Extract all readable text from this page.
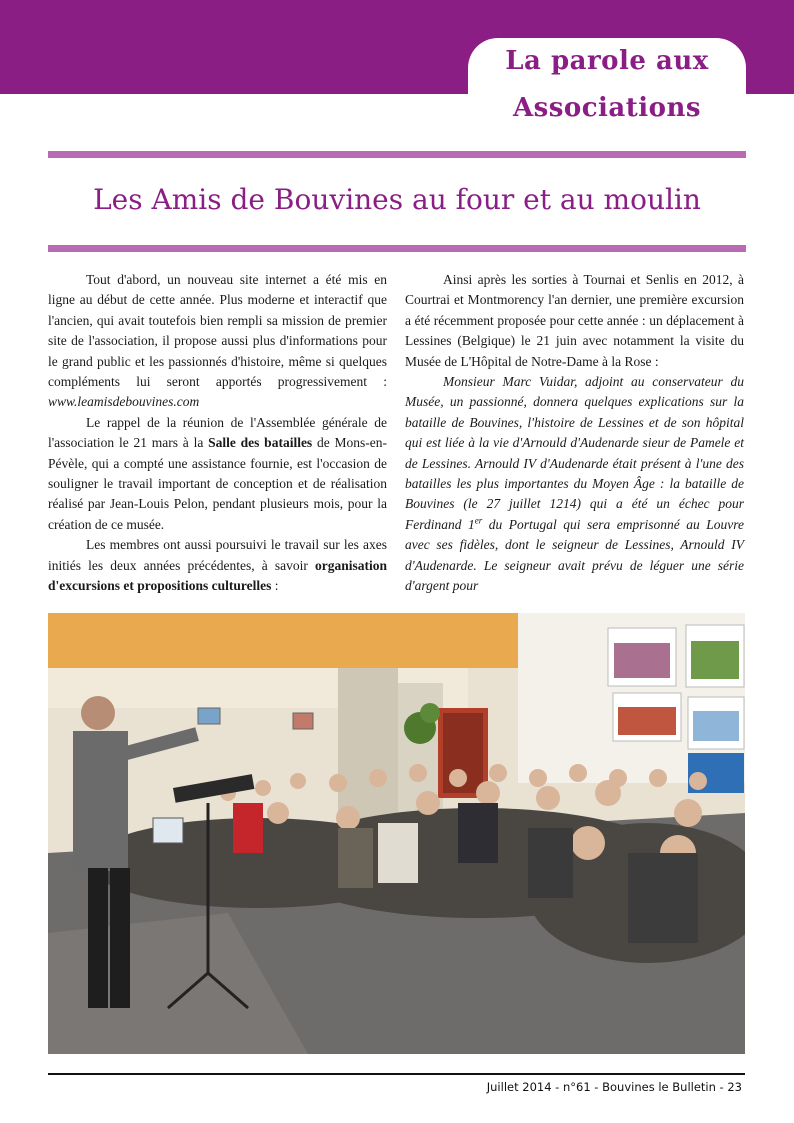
La parole aux
Associations
Les Amis de Bouvines au four et au moulin

Tout d'abord, un nouveau site internet a été mis en ligne au début de cette année. Plus moderne et interactif que l'ancien, qui avait toutefois bien rempli sa mission de premier site de l'association, il propose aussi plus d'informations pour le grand public et les passionnés d'histoire, même si quelques compléments lui seront apportés progressivement : www.leamisdebouvines.com

Le rappel de la réunion de l'Assemblée générale de l'association le 21 mars à la Salle des batailles de Mons-en-Pévèle, qui a compté une assistance fournie, est l'occasion de souligner le travail important de conception et de réalisation réalisé par Jean-Louis Pelon, pendant plusieurs mois, pour la création de ce musée.

Les membres ont aussi poursuivi le travail sur les axes initiés les deux années précédentes, à savoir organisation d'excursions et propositions culturelles :

Ainsi après les sorties à Tournai et Senlis en 2012, à Courtrai et Montmorency l'an dernier, une première excursion a été récemment proposée pour cette année : un déplacement à Lessines (Belgique) le 21 juin avec notamment la visite du Musée de L'Hôpital de Notre-Dame à la Rose :

Monsieur Marc Vuidar, adjoint au conservateur du Musée, un passionné, donnera quelques explications sur la bataille de Bouvines, l'histoire de Lessines et de son hôpital qui est liée à la vie d'Arnould d'Audenarde sieur de Pamele et de Lessines. Arnould IV d'Audenarde était présent à l'une des batailles les plus importantes du Moyen Âge : la bataille de Bouvines (le 27 juillet 1214) qui a été un échec pour Ferdinand 1er du Portugal qui sera emprisonné au Louvre avec ses fidèles, dont le seigneur de Lessines, Arnould IV d'Audenarde. Le seigneur avait prévu de léguer une série d'argent pour

Juillet 2014 - n°61 - Bouvines le Bulletin - 23
